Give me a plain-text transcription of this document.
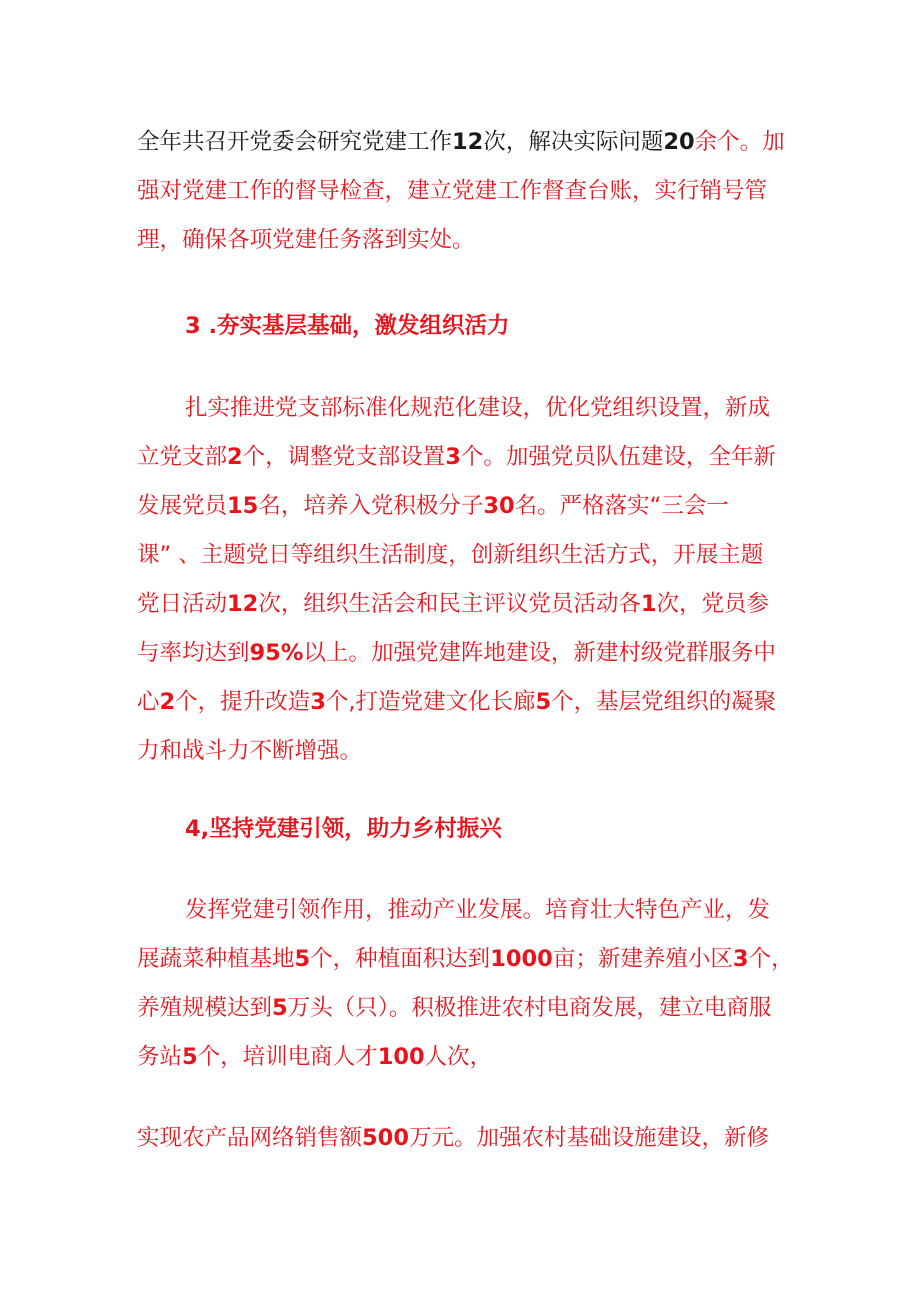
全年共召开党委会研究党建工作12次，解决实际问题20余个。加
强对党建工作的督导检查，建立党建工作督查台账，实行销号管
理，确保各项党建任务落到实处。

3 .夯实基层基础，激发组织活力

扎实推进党支部标准化规范化建设，优化党组织设置，新成
立党支部2个，调整党支部设置3个。加强党员队伍建设，全年新
发展党员15名，培养入党积极分子30名。严格落实“三会一
课” 、主题党日等组织生活制度，创新组织生活方式，开展主题
党日活动12次，组织生活会和民主评议党员活动各1次，党员参
与率均达到95%以上。加强党建阵地建设，新建村级党群服务中
心2个，提升改造3个,打造党建文化长廊5个，基层党组织的凝聚
力和战斗力不断增强。

4,坚持党建引领，助力乡村振兴

发挥党建引领作用，推动产业发展。培育壮大特色产业，发
展蔬菜种植基地5个，种植面积达到1000亩；新建养殖小区3个，
养殖规模达到5万头（只）。积极推进农村电商发展，建立电商服
务站5个，培训电商人才100人次，

实现农产品网络销售额500万元。加强农村基础设施建设，新修
